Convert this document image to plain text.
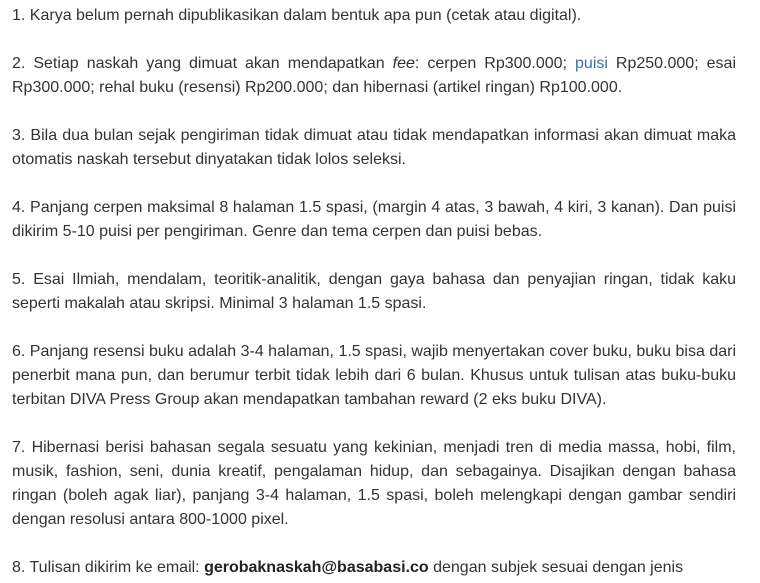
1. Karya belum pernah dipublikasikan dalam bentuk apa pun (cetak atau digital).

2. Setiap naskah yang dimuat akan mendapatkan fee: cerpen Rp300.000; puisi Rp250.000; esai Rp300.000; rehal buku (resensi) Rp200.000; dan hibernasi (artikel ringan) Rp100.000.

3. Bila dua bulan sejak pengiriman tidak dimuat atau tidak mendapatkan informasi akan dimuat maka otomatis naskah tersebut dinyatakan tidak lolos seleksi.

4. Panjang cerpen maksimal 8 halaman 1.5 spasi, (margin 4 atas, 3 bawah, 4 kiri, 3 kanan). Dan puisi dikirim 5-10 puisi per pengiriman. Genre dan tema cerpen dan puisi bebas.

5. Esai Ilmiah, mendalam, teoritik-analitik, dengan gaya bahasa dan penyajian ringan, tidak kaku seperti makalah atau skripsi. Minimal 3 halaman 1.5 spasi.

6. Panjang resensi buku adalah 3-4 halaman, 1.5 spasi, wajib menyertakan cover buku, buku bisa dari penerbit mana pun, dan berumur terbit tidak lebih dari 6 bulan. Khusus untuk tulisan atas buku-buku terbitan DIVA Press Group akan mendapatkan tambahan reward (2 eks buku DIVA).

7. Hibernasi berisi bahasan segala sesuatu yang kekinian, menjadi tren di media massa, hobi, film, musik, fashion, seni, dunia kreatif, pengalaman hidup, dan sebagainya. Disajikan dengan bahasa ringan (boleh agak liar), panjang 3-4 halaman, 1.5 spasi, boleh melengkapi dengan gambar sendiri dengan resolusi antara 800-1000 pixel.

8. Tulisan dikirim ke email: gerobaknaskah@basabasi.co dengan subjek sesuai dengan jenis
